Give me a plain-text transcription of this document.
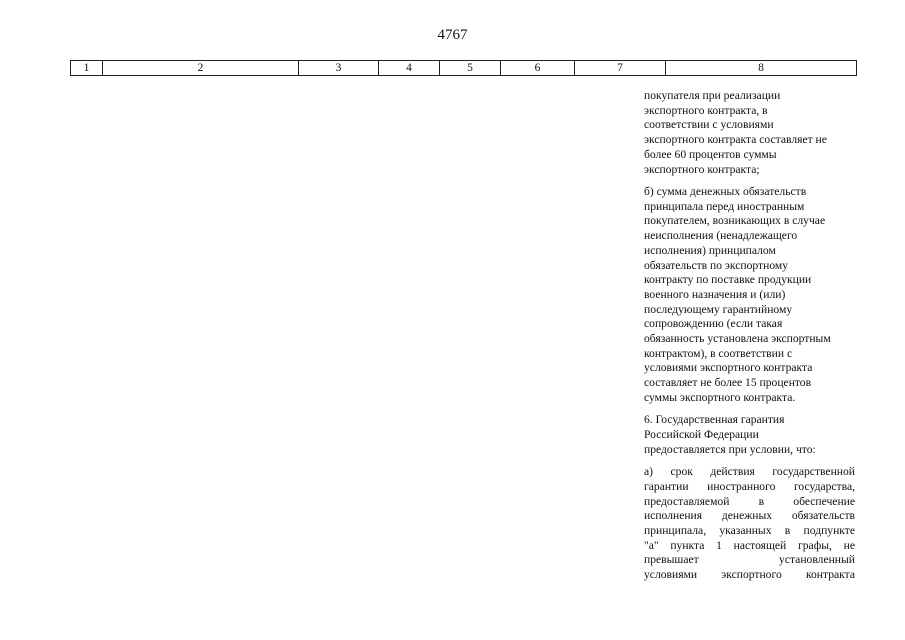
4767
1	2	3	4	5	6	7	8

покупателя при реализации
экспортного контракта, в
соответствии с условиями
экспортного контракта составляет не
более 60 процентов суммы
экспортного контракта;

б) сумма денежных обязательств
принципала перед иностранным
покупателем, возникающих в случае
неисполнения (ненадлежащего
исполнения) принципалом
обязательств по экспортному
контракту по поставке продукции
военного назначения и (или)
последующему гарантийному
сопровождению (если такая
обязанность установлена экспортным
контрактом), в соответствии с
условиями экспортного контракта
составляет не более 15 процентов
суммы экспортного контракта.

6. Государственная гарантия
Российской Федерации
предоставляется при условии, что:

а) срок действия государственной
гарантии иностранного государства,
предоставляемой в обеспечение
исполнения денежных обязательств
принципала, указанных в подпункте
"а" пункта 1 настоящей графы, не
превышает установленный
условиями экспортного контракта
